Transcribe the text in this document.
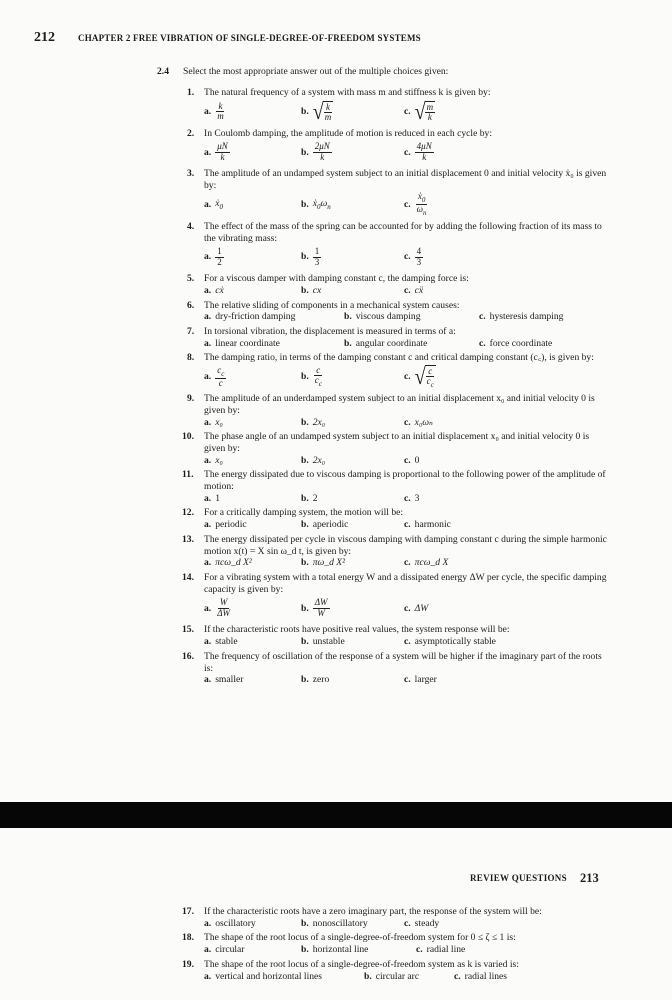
212	CHAPTER 2 FREE VIBRATION OF SINGLE-DEGREE-OF-FREEDOM SYSTEMS
2.4 Select the most appropriate answer out of the multiple choices given:
1.	The natural frequency of a system with mass m and stiffness k is given by:
a. $\frac{k}{m}$	b. √ $\frac{k}{m}$	c. √ $\frac{m}{k}$
2.	In Coulomb damping, the amplitude of motion is reduced in each cycle by:
a. $\frac{\mu N}{k}$	b. $\frac{2\mu N}{k}$	c. $\frac{4\mu N}{k}$
3.	The amplitude of an undamped system subject to an initial displacement 0 and initial velocity ẋ₀ is given by:
a. ẋ$_0$	b. $ẋ_0\omega_n$	c. $\frac{ẋ_0}{\omega_n}$
4.	The effect of the mass of the spring can be accounted for by adding the following fraction of its mass to the vibrating mass:
a. $\frac{1}{2}$	b. $\frac{1}{3}$	c. $\frac{4}{3}$
5.	For a viscous damper with damping constant c, the damping force is:
a. cẋ	b. cx	c. cẍ
6.	The relative sliding of components in a mechanical system causes:
a. dry-friction damping	b. viscous damping	c. hysteresis damping
7.	In torsional vibration, the displacement is measured in terms of a:
a. linear coordinate	b. angular coordinate	c. force coordinate
8.	The damping ratio, in terms of the damping constant c and critical damping constant (c꜀), is given by:
a. $\frac{c_c}{c}$	b. $\frac{c}{c_c}$	c. √ $\frac{c}{c_c}$
9.	The amplitude of an underdamped system subject to an initial displacement x₀ and initial velocity 0 is given by:
a. x₀	b. 2x₀	c. x₀ωₙ
10.	The phase angle of an undamped system subject to an initial displacement x₀ and initial velocity 0 is given by:
a. x₀	b. 2x₀	c. 0
11.	The energy dissipated due to viscous damping is proportional to the following power of the amplitude of motion:
a. 1	b. 2	c. 3
12.	For a critically damping system, the motion will be:
a. periodic	b. aperiodic	c. harmonic
13.	The energy dissipated per cycle in viscous damping with damping constant c during the simple harmonic motion x(t) = X sin ω_d t, is given by:
a. πcω_d X²	b. πω_d X²	c. πcω_d X
14.	For a vibrating system with a total energy W and a dissipated energy ΔW per cycle, the specific damping capacity is given by:
a. $\frac{W}{\Delta W}$	b. $\frac{\Delta W}{W}$	c. ΔW
15.	If the characteristic roots have positive real values, the system response will be:
a. stable	b. unstable	c. asymptotically stable
16.	The frequency of oscillation of the response of a system will be higher if the imaginary part of the roots is:
a. smaller	b. zero	c. larger
REVIEW QUESTIONS 213
17.	If the characteristic roots have a zero imaginary part, the response of the system will be:
a. oscillatory	b. nonoscillatory	c. steady
18.	The shape of the root locus of a single-degree-of-freedom system for 0 ≤ ζ ≤ 1 is:
a. circular	b. horizontal line	c. radial line
19.	The shape of the root locus of a single-degree-of-freedom system as k is varied is:
a. vertical and horizontal lines	b. circular arc	c. radial lines
